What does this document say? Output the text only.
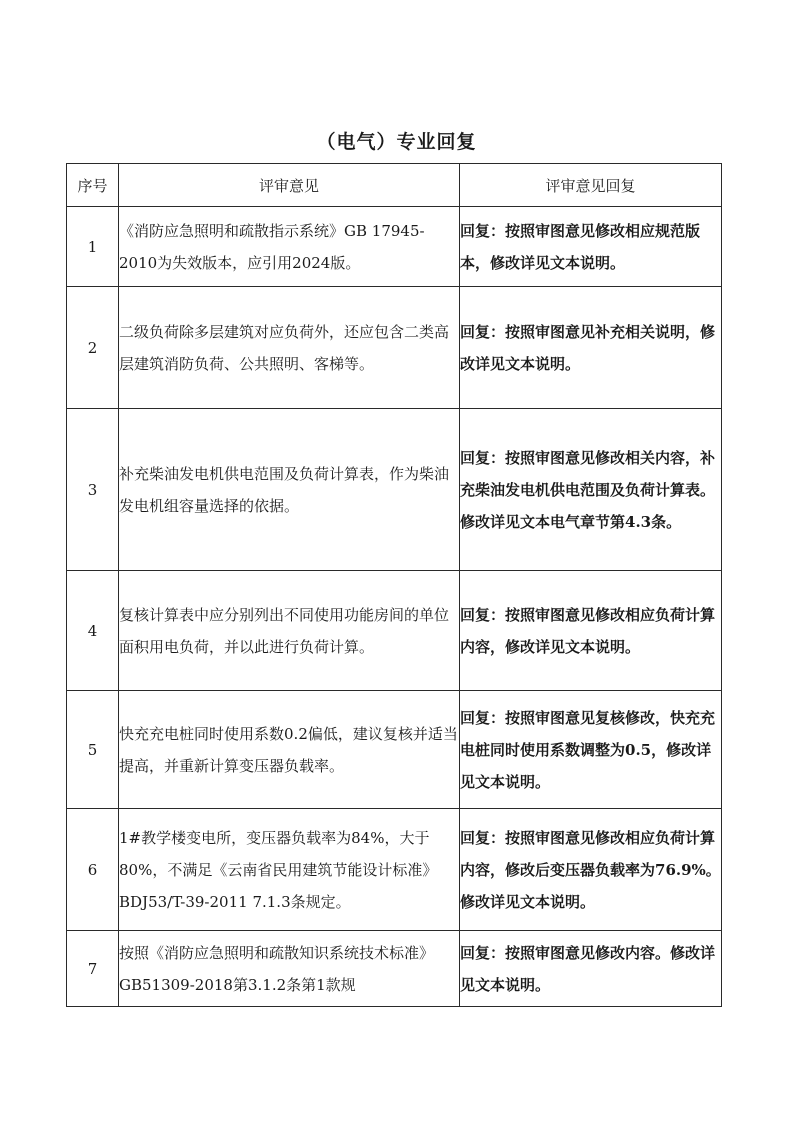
（电气）专业回复
序号	评审意见	评审意见回复
1	《消防应急照明和疏散指示系统》GB 17945-2010为失效版本，应引用2024版。	回复：按照审图意见修改相应规范版本，修改详见文本说明。
2	二级负荷除多层建筑对应负荷外，还应包含二类高层建筑消防负荷、公共照明、客梯等。	回复：按照审图意见补充相关说明，修改详见文本说明。
3	补充柴油发电机供电范围及负荷计算表，作为柴油发电机组容量选择的依据。	回复：按照审图意见修改相关内容，补充柴油发电机供电范围及负荷计算表。修改详见文本电气章节第4.3条。
4	复核计算表中应分别列出不同使用功能房间的单位面积用电负荷，并以此进行负荷计算。	回复：按照审图意见修改相应负荷计算内容，修改详见文本说明。
5	快充充电桩同时使用系数0.2偏低，建议复核并适当提高，并重新计算变压器负载率。	回复：按照审图意见复核修改，快充充电桩同时使用系数调整为0.5，修改详见文本说明。
6	1#教学楼变电所，变压器负载率为84%，大于80%，不满足《云南省民用建筑节能设计标准》BDJ53/T-39-2011 7.1.3条规定。	回复：按照审图意见修改相应负荷计算内容，修改后变压器负载率为76.9%。修改详见文本说明。
7	按照《消防应急照明和疏散知识系统技术标准》GB51309-2018第3.1.2条第1款规	回复：按照审图意见修改内容。修改详见文本说明。
